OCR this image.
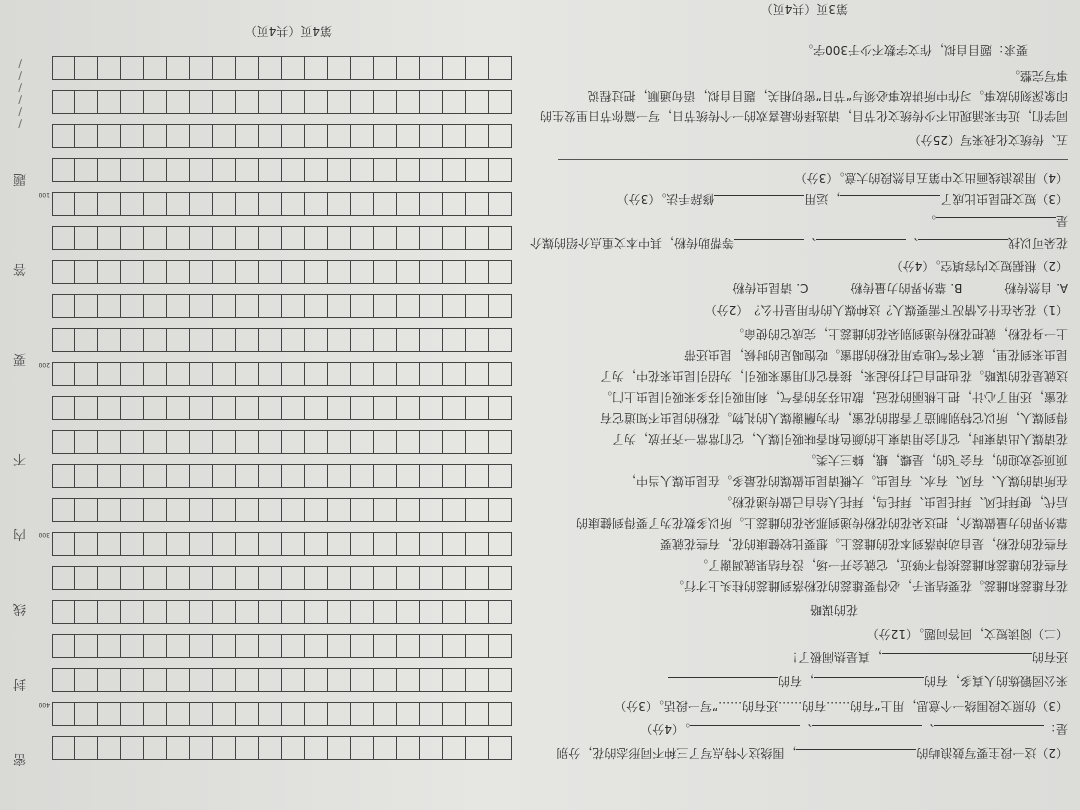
（2）这一段主要写鼓浪屿的，围绕这个特点写了三种不同形态的花，分别
是：、、。（4分）
（3）仿照文段围绕一个意思，用上“有的……有的……还有的……”写一段话。（3分）
来公园锻炼的人真多，有的，有的
还有的，真是热闹极了！
（二）阅读短文，回答问题。（12分）
花的谋略
花有雄蕊和雌蕊。花要结果子，必得要雄蕊的花粉落到雌蕊的柱头上才行。
有些花的雄蕊和雌蕊挨得不够近，它就会开一场，没有结果就凋谢了。
有些花的花粉，是自动掉落到本花的雌蕊上。想要比较健康的花，有些花就要
靠外界的力量做媒介，把这朵花的花粉传递到那朵花的雌蕊上。所以多数花为了要得到健康的
后代，便拜托风、拜托昆虫、拜托鸟，拜托人给自己做传递花粉。
在所请的媒人、有风、有水、有昆虫。大概请昆虫做媒的花最多。在昆虫媒人当中，
顶顶受欢迎的，有会飞的，是蝶，蛾，蜂三大类。
花请媒人出请柬时，它们会用请柬上的颜色和香味吸引媒人，它们常常一齐开放，为了
得到媒人，所以它特别制造了香甜的花蜜，作为酬谢媒人的礼物。花粉的昆虫不知道它有
花蜜，还用了心计，把上桃丽的花冠，散出芬芳的香气，利用吸引芬多来吸引昆虫上门。
这就是花的谋略。花也把自己打扮起来，接着它们用蜜来吸引，为招引昆虫来花中，为了
昆虫来到花里，就不客气地享用花粉的甜蜜。吃饱喝足的时候，昆虫还带
上一身花粉，就把花粉传递到别朵花的雌蕊上，完成它的使命。
（1）花朵在什么情况下需要媒人？这种媒人的作用是什么？（2分）
A. 自然传粉           B. 靠外界的力量传粉           C. 请昆虫传粉
（2）根据短文内容填空。（4分）
花朵可以找、、等帮助传粉，其中本文重点介绍的媒介
是。
（3）短文把昆虫比成了，运用修辞手法。（3分）
（4）用波浪线画出文中第五自然段的大意。（3分）
五、传统文化我来写（25分）
同学们，近年来涌现出不少传统文化节目，请选择你最喜欢的一个传统节日，写一篇你节日里发生的
印象深刻的故事。习作中所讲故事必须与“节日”密切相关，题目自拟，语句通顺，把过程说
事写完整。
要求：题目自拟，作文字数不少于300字。
第3页（共4页）
第4页（共4页）
400
300
200
100
密
封
线
内
不
要
答
题
/
/
/
/
/
/
